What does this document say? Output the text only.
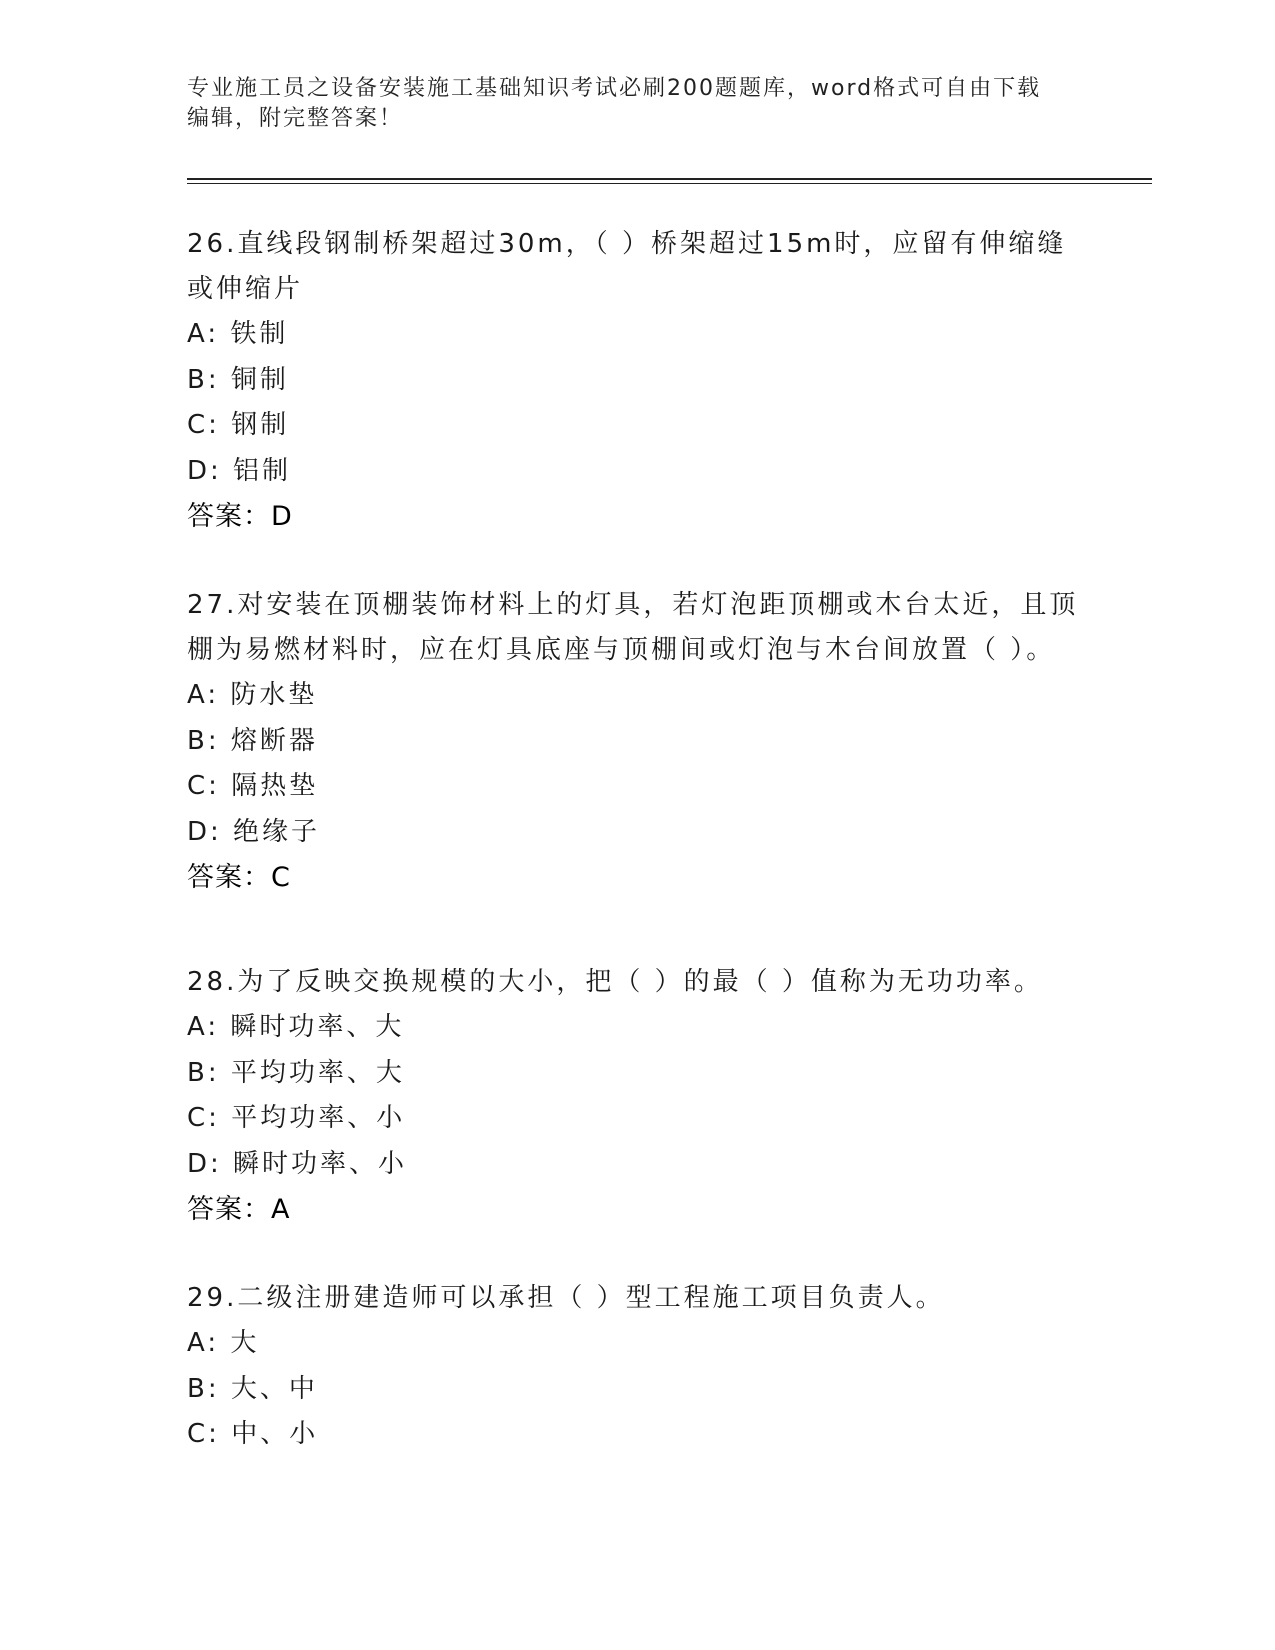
专业施工员之设备安装施工基础知识考试必刷200题题库，word格式可自由下载
编辑，附完整答案！

26.直线段钢制桥架超过30m，（ ）桥架超过15m时，应留有伸缩缝或伸缩片

A: 铁制

B: 铜制

C: 钢制

D: 铝制

答案：D

27.对安装在顶棚装饰材料上的灯具，若灯泡距顶棚或木台太近，且顶棚为易燃材料时，应在灯具底座与顶棚间或灯泡与木台间放置（ ）。

A: 防水垫

B: 熔断器

C: 隔热垫

D: 绝缘子

答案：C

28.为了反映交换规模的大小，把（ ）的最（ ）值称为无功功率。

A: 瞬时功率、大

B: 平均功率、大

C: 平均功率、小

D: 瞬时功率、小

答案：A

29.二级注册建造师可以承担（ ）型工程施工项目负责人。

A: 大

B: 大、中

C: 中、小
